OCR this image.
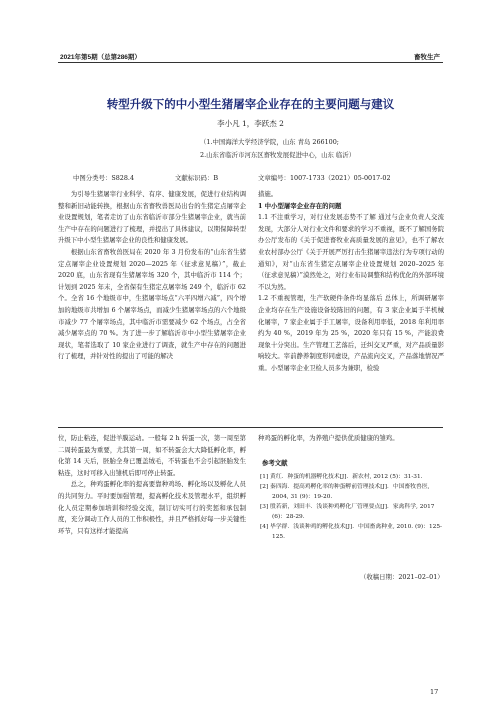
2021年第5期（总第286期）	畜牧生产
转型升级下的中小型生猪屠宰企业存在的主要问题与建议
李小凡 1，李跃杰 2
（1.中国海洋大学经济学院，山东 青岛 266100;
2.山东省临沂市河东区畜牧发展促进中心，山东 临沂）
中图分类号：S828.4	文献标识码：B	文章编号：1007-1733（2021）05-0017-02

为引导生猪屠宰行业科学、有序、健康发展，促进行业结构调整和新旧动能转换，根据山东省畜牧兽医局出台的生猪定点屠宰企业设置规划，笔者走访了山东省临沂市部分生猪屠宰企业，就当前生产中存在的问题进行了梳理，并提出了具体建议，以期保障转型升级下中小型生猪屠宰企业的良性和健康发展。

根据山东省畜牧兽医局在 2020 年 3 月份发布的“山东省生猪定点屠宰企业设置规划 2020—2025 年（征求意见稿）”，截止 2020 底，山东省现有生猪屠宰场 320 个，其中临沂市 114 个；计划到 2025 年末，全省保有生猪定点屠宰场 249 个，临沂市 62 个。全省 16 个地级市中，生猪屠宰场点“六平四增六减”，四个增加的地级市共增加 6 个屠宰场点，而减少生猪屠宰场点的六个地级市减少 77 个屠宰场点，其中临沂市需要减少 62 个场点，占全省减少屠宰点的 70 %。为了进一步了解临沂市中小型生猪屠宰企业现状，笔者选取了 10 家企业进行了调查，就生产中存在的问题进行了梳理，并针对性的提出了可能的解决

措施。

1 中小型屠宰企业存在的问题

1.1 不注重学习，对行业发展态势不了解 通过与企业负责人交流发现，大部分人对行业文件和要求的学习不重视，既不了解国务院办公厅发布的《关于促进畜牧业高质量发展的意见》，也不了解农业农村部办公厅《关于开展严厉打击生猪屠宰违法行为专项行动的通知》，对“山东省生猪定点屠宰企业设置规划 2020–2025 年（征求意见稿）”漠然处之，对行业布局调整和结构优化的外部环境不以为然。

1.2 不重视管理，生产软硬件条件均显落后 总体上，所调研屠宰企业均存在生产设施设备较陈旧的问题，有 3 家企业属于半机械化屠宰，7 家企业属于手工屠宰，设备利用率低，2018 年利用率约为 40 %，2019 年为 25 %，2020 年只有 15 %，产能浪费现象十分突出。生产管理工艺落后，迁纠交叉严重，对产品质量影响较大。宰前静养制度形同虚设，产品流向交叉，产品落地情况严重。小型屠宰企业卫检人员多为兼职，检验

位，防止粘连，促进羊膜运动。一般每 2 h 转蛋一次，第一周至第二周转蛋最为重要，尤其第一周，如不转蛋会大大降低孵化率，孵化第 14 天后，胚胎全身已覆盖绒毛，不转蛋也不会引起胚胎发生粘连，这时可移入出雏机后即可停止转蛋。

总之，种鸡蛋孵化率的提高要靠种鸡场、孵化场以及孵化人员的共同努力。平时要加强管理，提高孵化技术及管理水平，组织孵化人员定期参加培训和经验交流，制订切实可行的奖惩和承包制度，充分调动工作人员的工作积极性，并且严格抓好每一步关键性环节，只有这样才能提高

种鸡蛋的孵化率，为养殖户提供优质健康的雏鸡。

参考文献

[1] 黄红．种蛋的机器孵化技术[J]．新农村, 2012 (5)：31-31.

[2] 秦四海．提高鸡孵化率的种蛋孵前管理技术[J]．中国畜牧兽医, 2004, 31 (9)：19-20.

[3] 殷若新，刘田丰．浅谈种鸡孵化厂管理要点[J]．家禽科学, 2017 (6)：28-29.

[4] 毕学群．浅谈种鸡的孵化技术[J]．中国畜禽种业, 2010. (9)：125-125.

（收稿日期：2021–02–01）
17
